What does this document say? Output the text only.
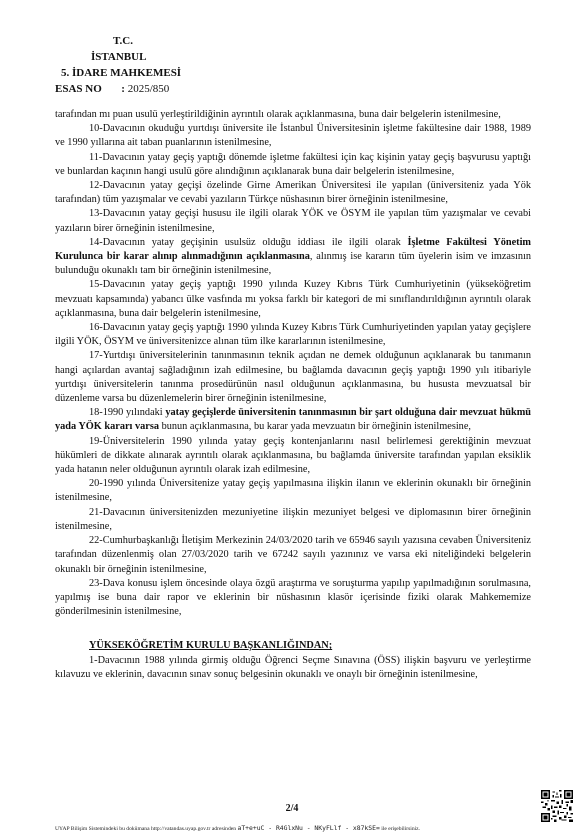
T.C.
İSTANBUL
5. İDARE MAHKEMESİ
ESAS NO : 2025/850

tarafından mı puan usulü yerleştirildiğinin ayrıntılı olarak açıklanmasına, buna dair belgelerin istenilmesine,

10-Davacının okuduğu yurtdışı üniversite ile İstanbul Üniversitesinin işletme fakültesine dair 1988, 1989 ve 1990 yıllarına ait taban puanlarının istenilmesine,

11-Davacının yatay geçiş yaptığı dönemde işletme fakültesi için kaç kişinin yatay geçiş başvurusu yaptığı ve bunlardan kaçının hangi usulü göre alındığının açıklanarak buna dair belgelerin istenilmesine,

12-Davacının yatay geçişi özelinde Girne Amerikan Üniversitesi ile yapılan (üniversiteniz yada Yök tarafından) tüm yazışmalar ve cevabi yazıların Türkçe nüshasının birer örneğinin istenilmesine,

13-Davacının yatay geçişi hususu ile ilgili olarak YÖK ve ÖSYM ile yapılan tüm yazışmalar ve cevabi yazıların birer örneğinin istenilmesine,

14-Davacının yatay geçişinin usulsüz olduğu iddiası ile ilgili olarak İşletme Fakültesi Yönetim Kurulunca bir karar alınıp alınmadığının açıklanmasına, alınmış ise kararın tüm üyelerin isim ve imzasının bulunduğu okunaklı tam bir örneğinin istenilmesine,

15-Davacının yatay geçiş yaptığı 1990 yılında Kuzey Kıbrıs Türk Cumhuriyetinin (yükseköğretim mevzuatı kapsamında) yabancı ülke vasfında mı yoksa farklı bir kategori de mi sınıflandırıldığının ayrıntılı olarak açıklanmasına, buna dair belgelerin istenilmesine,

16-Davacının yatay geçiş yaptığı 1990 yılında Kuzey Kıbrıs Türk Cumhuriyetinden yapılan yatay geçişlere ilgili YÖK, ÖSYM ve üniversitenizce alınan tüm ilke kararlarının istenilmesine,

17-Yurtdışı üniversitelerinin tanınmasının teknik açıdan ne demek olduğunun açıklanarak bu tanımanın hangi açılardan avantaj sağladığının izah edilmesine, bu bağlamda davacının geçiş yaptığı 1990 yılı itibariyle yurtdışı üniversitelerin tanınma prosedürünün nasıl olduğunun açıklanmasına, bu hususta mevzuatsal bir düzenleme varsa bu düzenlemelerin birer örneğinin istenilmesine,

18-1990 yılındaki yatay geçişlerde üniversitenin tanınmasının bir şart olduğuna dair mevzuat hükmü yada YÖK kararı varsa bunun açıklanmasına, bu karar yada mevzuatın bir örneğinin istenilmesine,

19-Üniversitelerin 1990 yılında yatay geçiş kontenjanlarını nasıl belirlemesi gerektiğinin mevzuat hükümleri de dikkate alınarak ayrıntılı olarak açıklanmasına, bu bağlamda üniversite tarafından yapılan eksiklik yada hatanın neler olduğunun ayrıntılı olarak izah edilmesine,

20-1990 yılında Üniversitenize yatay geçiş yapılmasına ilişkin ilanın ve eklerinin okunaklı bir örneğinin istenilmesine,

21-Davacının üniversitenizden mezuniyetine ilişkin mezuniyet belgesi ve diplomasının birer örneğinin istenilmesine,

22-Cumhurbaşkanlığı İletişim Merkezinin 24/03/2020 tarih ve 65946 sayılı yazısına cevaben Üniversiteniz tarafından düzenlenmiş olan 27/03/2020 tarih ve 67242 sayılı yazınınız ve varsa eki niteliğindeki belgelerin okunaklı bir örneğinin istenilmesine,

23-Dava konusu işlem öncesinde olaya özgü araştırma ve soruşturma yapılıp yapılmadığının sorulmasına, yapılmış ise buna dair rapor ve eklerinin bir nüshasının klasör içerisinde fiziki olarak Mahkememize gönderilmesinin istenilmesine,

YÜKSEKÖĞRETİM KURULU BAŞKANLIĞINDAN;

1-Davacının 1988 yılında girmiş olduğu Öğrenci Seçme Sınavına (ÖSS) ilişkin başvuru ve yerleştirme kılavuzu ve eklerinin, davacının sınav sonuç belgesinin okunaklı ve onaylı bir örneğinin istenilmesine,

2/4
UYAP Bilişim Sistemindeki bu dokümana http://vatandas.uyap.gov.tr adresinden aT+e+uC - R4GlxNu - NKyFLlf - x87kSE= ile erişebilirsiniz.
